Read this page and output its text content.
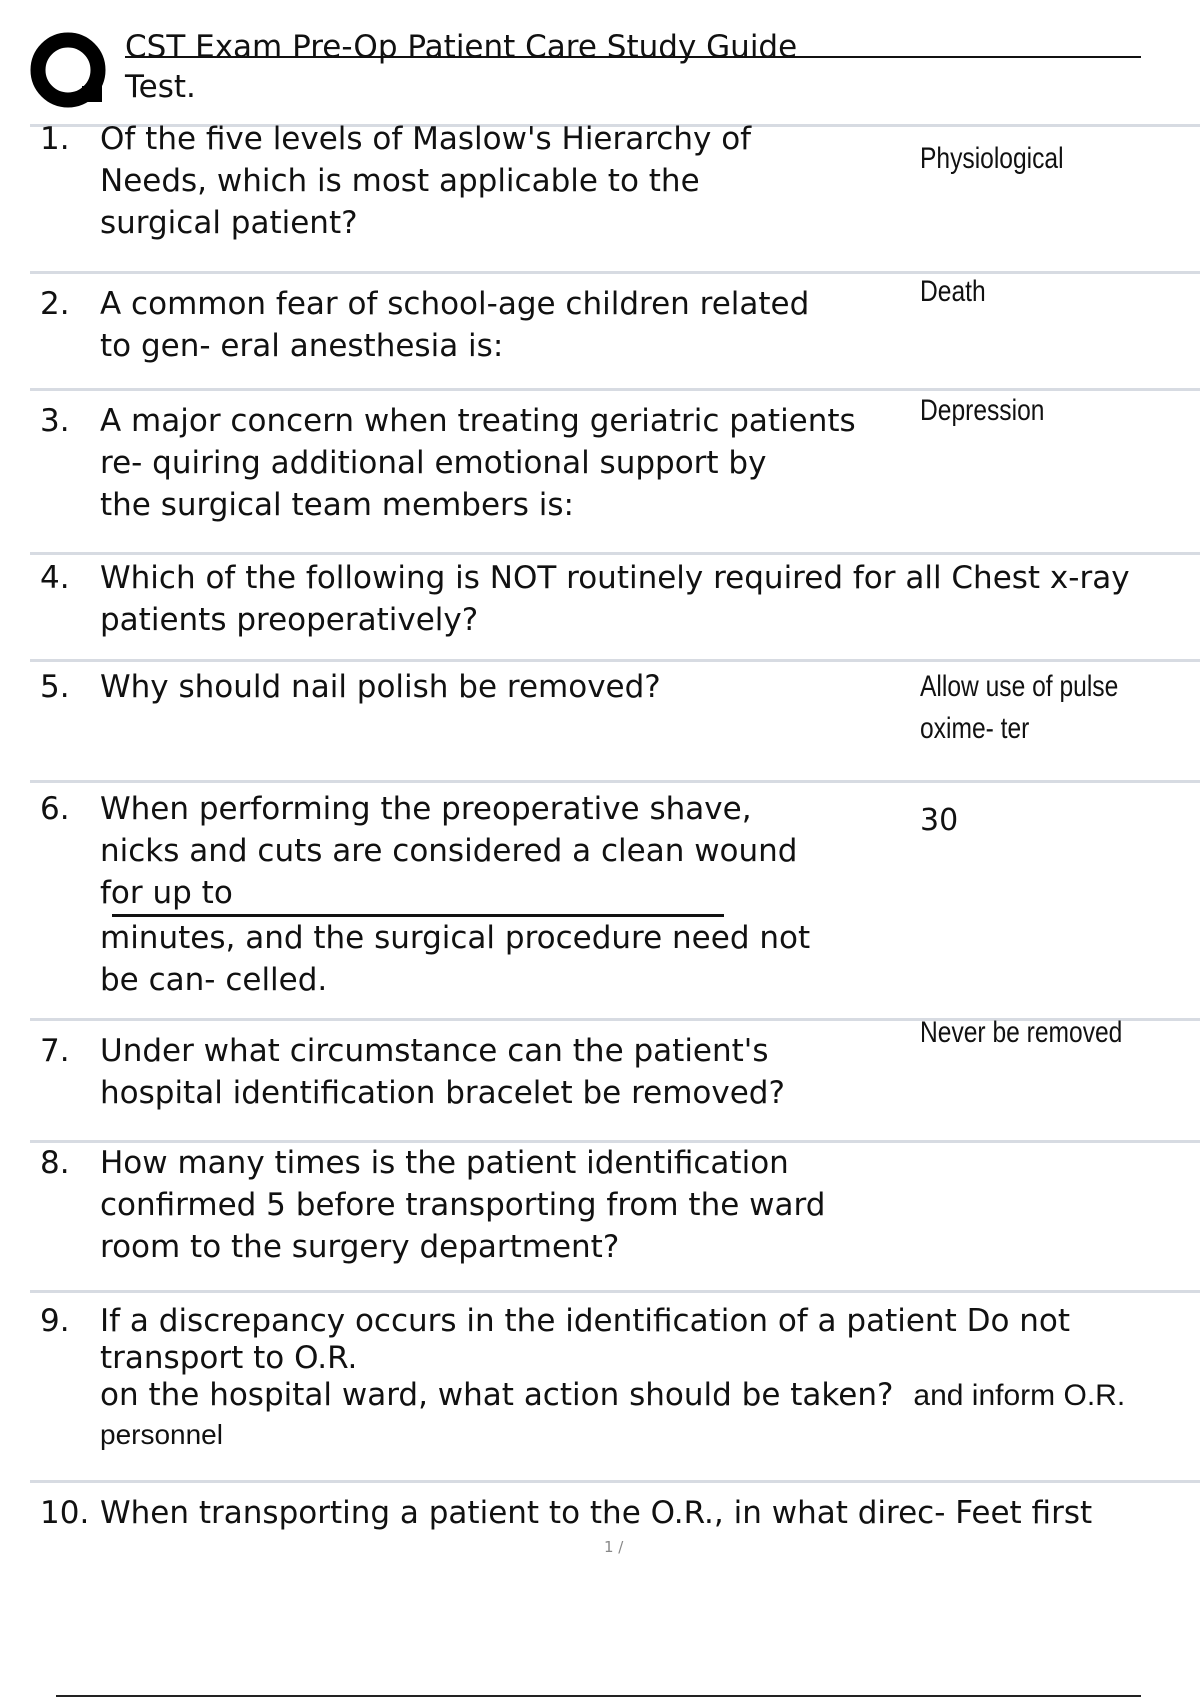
CST Exam Pre-Op Patient Care Study Guide
Test.
1. Of the five levels of Maslow's Hierarchy of
Needs, which is most applicable to the
surgical patient?
Physiological
2. A common fear of school-age children related
to gen- eral anesthesia is:
Death
3. A major concern when treating geriatric patients
re- quiring additional emotional support by
the surgical team members is:
Depression
4. Which of the following is NOT routinely required for all Chest x-ray
patients preoperatively?
5. Why should nail polish be removed?	Allow use of pulse
oxime- ter
6. When performing the preoperative shave,
nicks and cuts are considered a clean wound
for up to
minutes, and the surgical procedure need not
be can- celled.
30
7. Under what circumstance can the patient's
hospital identification bracelet be removed?
Never be removed
8. How many times is the patient identification
confirmed 5 before transporting from the ward
room to the surgery department?
9. If a discrepancy occurs in the identification of a patient Do not
transport to O.R.
on the hospital ward, what action should be taken? and inform O.R.
personnel
10. When transporting a patient to the O.R., in what direc- Feet first
1 /
